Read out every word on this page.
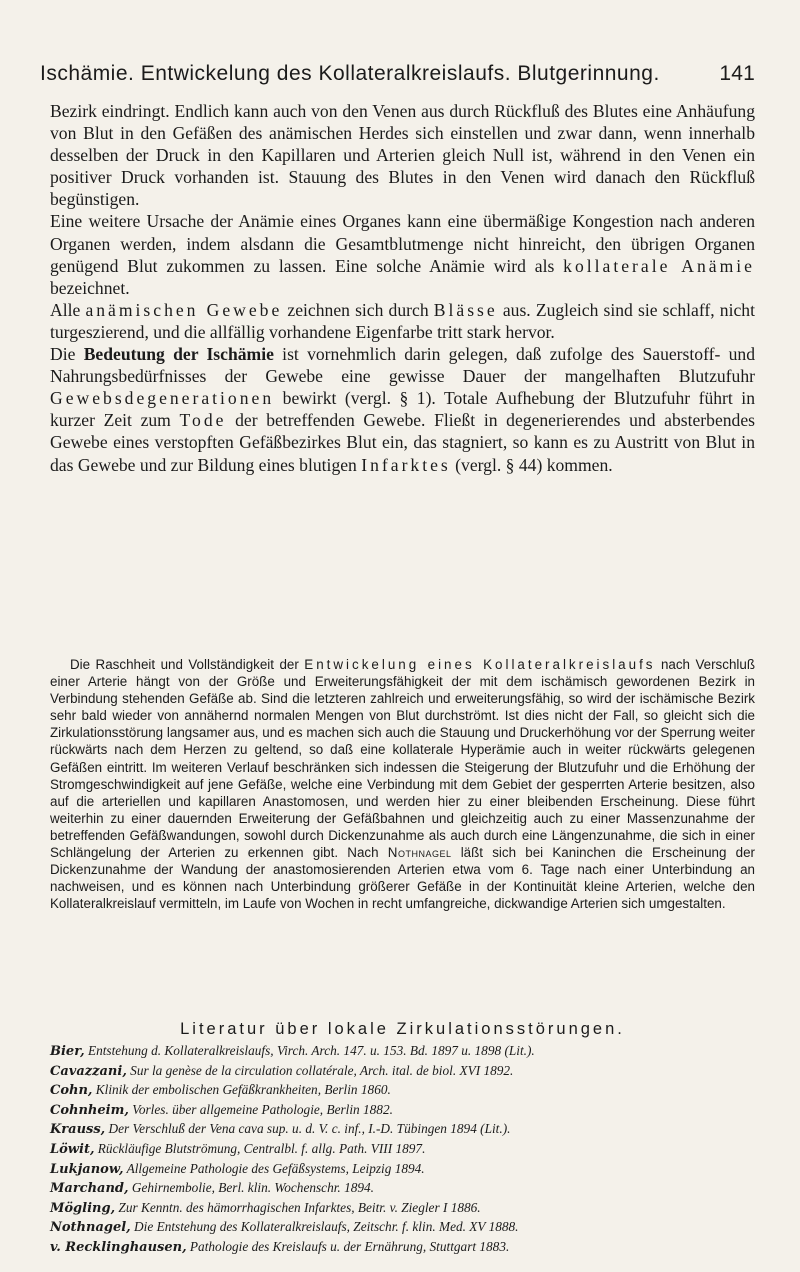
Ischämie. Entwickelung des Kollateralkreislaufs. Blutgerinnung.	141

Bezirk eindringt. Endlich kann auch von den Venen aus durch Rückfluß des Blutes eine Anhäufung von Blut in den Gefäßen des anämischen Herdes sich einstellen und zwar dann, wenn innerhalb desselben der Druck in den Kapillaren und Arterien gleich Null ist, während in den Venen ein positiver Druck vorhanden ist. Stauung des Blutes in den Venen wird danach den Rückfluß begünstigen.

Eine weitere Ursache der Anämie eines Organes kann eine übermäßige Kongestion nach anderen Organen werden, indem alsdann die Gesamtblutmenge nicht hinreicht, den übrigen Organen genügend Blut zukommen zu lassen. Eine solche Anämie wird als kollaterale Anämie bezeichnet.

Alle anämischen Gewebe zeichnen sich durch Blässe aus. Zugleich sind sie schlaff, nicht turgeszierend, und die allfällig vorhandene Eigenfarbe tritt stark hervor.

Die Bedeutung der Ischämie ist vornehmlich darin gelegen, daß zufolge des Sauerstoff- und Nahrungsbedürfnisses der Gewebe eine gewisse Dauer der mangelhaften Blutzufuhr Gewebsdegenerationen bewirkt (vergl. § 1). Totale Aufhebung der Blutzufuhr führt in kurzer Zeit zum Tode der betreffenden Gewebe. Fließt in degenerierendes und absterbendes Gewebe eines verstopften Gefäßbezirkes Blut ein, das stagniert, so kann es zu Austritt von Blut in das Gewebe und zur Bildung eines blutigen Infarktes (vergl. § 44) kommen.

Die Raschheit und Vollständigkeit der Entwickelung eines Kollateralkreislaufs nach Verschluß einer Arterie hängt von der Größe und Erweiterungsfähigkeit der mit dem ischämisch gewordenen Bezirk in Verbindung stehenden Gefäße ab. Sind die letzteren zahlreich und erweiterungsfähig, so wird der ischämische Bezirk sehr bald wieder von annähernd normalen Mengen von Blut durchströmt. Ist dies nicht der Fall, so gleicht sich die Zirkulationsstörung langsamer aus, und es machen sich auch die Stauung und Druckerhöhung vor der Sperrung weiter rückwärts nach dem Herzen zu geltend, so daß eine kollaterale Hyperämie auch in weiter rückwärts gelegenen Gefäßen eintritt. Im weiteren Verlauf beschränken sich indessen die Steigerung der Blutzufuhr und die Erhöhung der Stromgeschwindigkeit auf jene Gefäße, welche eine Verbindung mit dem Gebiet der gesperrten Arterie besitzen, also auf die arteriellen und kapillaren Anastomosen, und werden hier zu einer bleibenden Erscheinung. Diese führt weiterhin zu einer dauernden Erweiterung der Gefäßbahnen und gleichzeitig auch zu einer Massenzunahme der betreffenden Gefäßwandungen, sowohl durch Dickenzunahme als auch durch eine Längenzunahme, die sich in einer Schlängelung der Arterien zu erkennen gibt. Nach Nothnagel läßt sich bei Kaninchen die Erscheinung der Dickenzunahme der Wandung der anastomosierenden Arterien etwa vom 6. Tage nach einer Unterbindung an nachweisen, und es können nach Unterbindung größerer Gefäße in der Kontinuität kleine Arterien, welche den Kollateralkreislauf vermitteln, im Laufe von Wochen in recht umfangreiche, dickwandige Arterien sich umgestalten.

Literatur über lokale Zirkulationsstörungen.
Bier, Entstehung d. Kollateralkreislaufs, Virch. Arch. 147. u. 153. Bd. 1897 u. 1898 (Lit.).
Cavazzani, Sur la genèse de la circulation collatérale, Arch. ital. de biol. XVI 1892.
Cohn, Klinik der embolischen Gefäßkrankheiten, Berlin 1860.
Cohnheim, Vorles. über allgemeine Pathologie, Berlin 1882.
Krauss, Der Verschluß der Vena cava sup. u. d. V. c. inf., I.-D. Tübingen 1894 (Lit.).
Löwit, Rückläufige Blutströmung, Centralbl. f. allg. Path. VIII 1897.
Lukjanow, Allgemeine Pathologie des Gefäßsystems, Leipzig 1894.
Marchand, Gehirnembolie, Berl. klin. Wochenschr. 1894.
Mögling, Zur Kenntn. des hämorrhagischen Infarktes, Beitr. v. Ziegler I 1886.
Nothnagel, Die Entstehung des Kollateralkreislaufs, Zeitschr. f. klin. Med. XV 1888.
v. Recklinghausen, Pathologie des Kreislaufs u. der Ernährung, Stuttgart 1883.
